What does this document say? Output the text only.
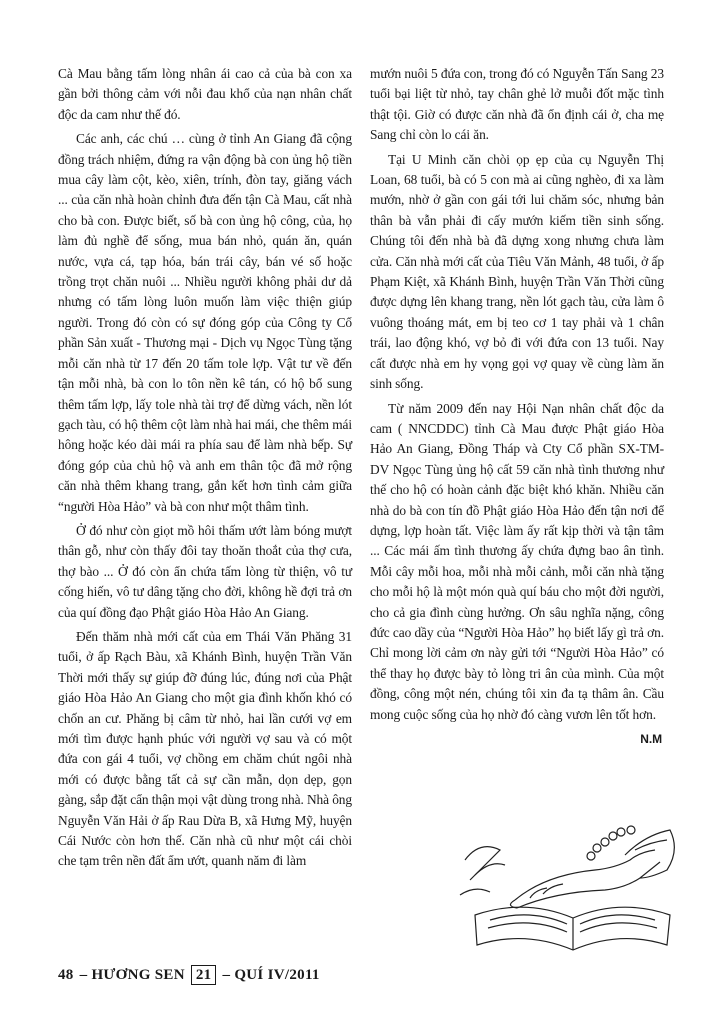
Cà Mau bằng tấm lòng nhân ái cao cả của bà con xa gần bởi thông cảm với nỗi đau khổ của nạn nhân chất độc da cam như thế đó.

Các anh, các chú … cùng ở tỉnh An Giang đã cộng đồng trách nhiệm, đứng ra vận động bà con ủng hộ tiền mua cây làm cột, kèo, xiên, trính, đòn tay, giăng vách ... của căn nhà hoàn chỉnh đưa đến tận Cà Mau, cất nhà cho bà con. Được biết, số bà con ủng hộ công, của, họ làm đủ nghề để sống, mua bán nhỏ, quán ăn, quán nước, vựa cá, tạp hóa, bán trái cây, bán vé số hoặc trồng trọt chăn nuôi ... Nhiều người không phải dư dả nhưng có tấm lòng luôn muốn làm việc thiện giúp người. Trong đó còn có sự đóng góp của Công ty Cổ phần Sản xuất - Thương mại - Dịch vụ Ngọc Tùng tặng mỗi căn nhà từ 17 đến 20 tấm tole lợp. Vật tư về đến tận mỗi nhà, bà con lo tôn nền kê tán, có hộ bổ sung thêm tấm lợp, lấy tole nhà tài trợ để dừng vách, nền lót gạch tàu, có hộ thêm cột làm nhà hai mái, che thêm mái hông hoặc kéo dài mái ra phía sau để làm nhà bếp. Sự đóng góp của chủ hộ và anh em thân tộc đã mở rộng căn nhà thêm khang trang, gắn kết hơn tình cảm giữa “người Hòa Hảo” và bà con như một thâm tình.

Ở đó như còn giọt mồ hôi thấm ướt làm bóng mượt thân gỗ, như còn thấy đôi tay thoăn thoắt của thợ cưa, thợ bào ... Ở đó còn ẩn chứa tấm lòng từ thiện, vô tư cống hiến, vô tư dâng tặng cho đời, không hề đợi trả ơn của quí đồng đạo Phật giáo Hòa Hảo An Giang.

Đến thăm nhà mới cất của em Thái Văn Phăng 31 tuổi, ở ấp Rạch Bàu, xã Khánh Bình, huyện Trần Văn Thời mới thấy sự giúp đỡ đúng lúc, đúng nơi của Phật giáo Hòa Hảo An Giang cho một gia đình khốn khó có chốn an cư. Phăng bị câm từ nhỏ, hai lần cưới vợ em mới tìm được hạnh phúc với người vợ sau và có một đứa con gái 4 tuổi, vợ chồng em chăm chút ngôi nhà mới có được bằng tất cả sự cần mẫn, dọn dẹp, gọn gàng, sắp đặt cẩn thận mọi vật dùng trong nhà. Nhà ông Nguyễn Văn Hải ở ấp Rau Dừa B, xã Hưng Mỹ, huyện Cái Nước còn hơn thế. Căn nhà cũ như một cái chòi che tạm trên nền đất ẩm ướt, quanh năm đi làm

mướn nuôi 5 đứa con, trong đó có Nguyễn Tấn Sang 23 tuổi bại liệt từ nhỏ, tay chân ghẻ lở muỗi đốt mặc tình thật tội. Giờ có được căn nhà đã ổn định cái ở, cha mẹ Sang chỉ còn lo cái ăn.

Tại U Minh căn chòi ọp ẹp của cụ Nguyễn Thị Loan, 68 tuổi, bà có 5 con mà ai cũng nghèo, đi xa làm mướn, nhờ ở gần con gái tới lui chăm sóc, nhưng bản thân bà vẫn phải đi cấy mướn kiếm tiền sinh sống. Chúng tôi đến nhà bà đã dựng xong nhưng chưa làm cửa. Căn nhà mới cất của Tiêu Văn Mảnh, 48 tuổi, ở ấp Phạm Kiệt, xã Khánh Bình, huyện Trần Văn Thời cũng được dựng lên khang trang, nền lót gạch tàu, cửa làm ô vuông thoáng mát, em bị teo cơ 1 tay phải và 1 chân trái, lao động khó, vợ bỏ đi với đứa con 13 tuổi. Nay cất được nhà em hy vọng gọi vợ quay về cùng làm ăn sinh sống.

Từ năm 2009 đến nay Hội Nạn nhân chất độc da cam ( NNCDDC) tỉnh Cà Mau được Phật giáo Hòa Hảo An Giang, Đồng Tháp và Cty Cổ phần SX-TM-DV Ngọc Tùng ủng hộ cất 59 căn nhà tình thương như thế cho hộ có hoàn cảnh đặc biệt khó khăn. Nhiều căn nhà do bà con tín đồ Phật giáo Hòa Hảo đến tận nơi để dựng, lợp hoàn tất. Việc làm ấy rất kịp thời và tận tâm ... Các mái ấm tình thương ấy chứa đựng bao ân tình. Mỗi cây mỗi hoa, mỗi nhà mỗi cảnh, mỗi căn nhà tặng cho mỗi hộ là một món quà quí báu cho một đời người, cho cả gia đình cùng hưởng. Ơn sâu nghĩa nặng, công đức cao dầy của “Người Hòa Hảo” họ biết lấy gì trả ơn. Chỉ mong lời cảm ơn này gửi tới “Người Hòa Hảo” có thể thay họ được bày tỏ lòng tri ân của mình. Của một đồng, công một nén, chúng tôi xin đa tạ thâm ân. Cầu mong cuộc sống của họ nhờ đó càng vươn lên tốt hơn.

N.M
48 – HƯƠNG SEN 21 – QUÍ IV/2011
